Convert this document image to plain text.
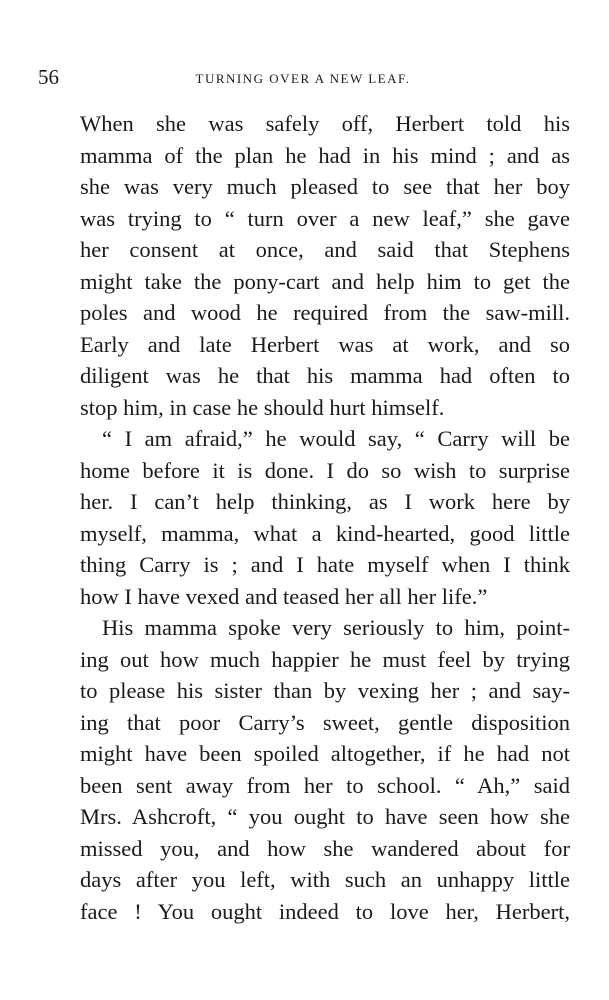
56	TURNING OVER A NEW LEAF.
When she was safely off, Herbert told his
mamma of the plan he had in his mind ; and as
she was very much pleased to see that her boy
was trying to “ turn over a new leaf,” she gave
her consent at once, and said that Stephens
might take the pony-cart and help him to get the
poles and wood he required from the saw-mill.
Early and late Herbert was at work, and so
diligent was he that his mamma had often to
stop him, in case he should hurt himself.
“ I am afraid,” he would say, “ Carry will be
home before it is done. I do so wish to surprise
her. I can’t help thinking, as I work here by
myself, mamma, what a kind-hearted, good little
thing Carry is ; and I hate myself when I think
how I have vexed and teased her all her life.”
His mamma spoke very seriously to him, point-
ing out how much happier he must feel by trying
to please his sister than by vexing her ; and say-
ing that poor Carry’s sweet, gentle disposition
might have been spoiled altogether, if he had not
been sent away from her to school. “ Ah,” said
Mrs. Ashcroft, “ you ought to have seen how she
missed you, and how she wandered about for
days after you left, with such an unhappy little
face ! You ought indeed to love her, Herbert,
